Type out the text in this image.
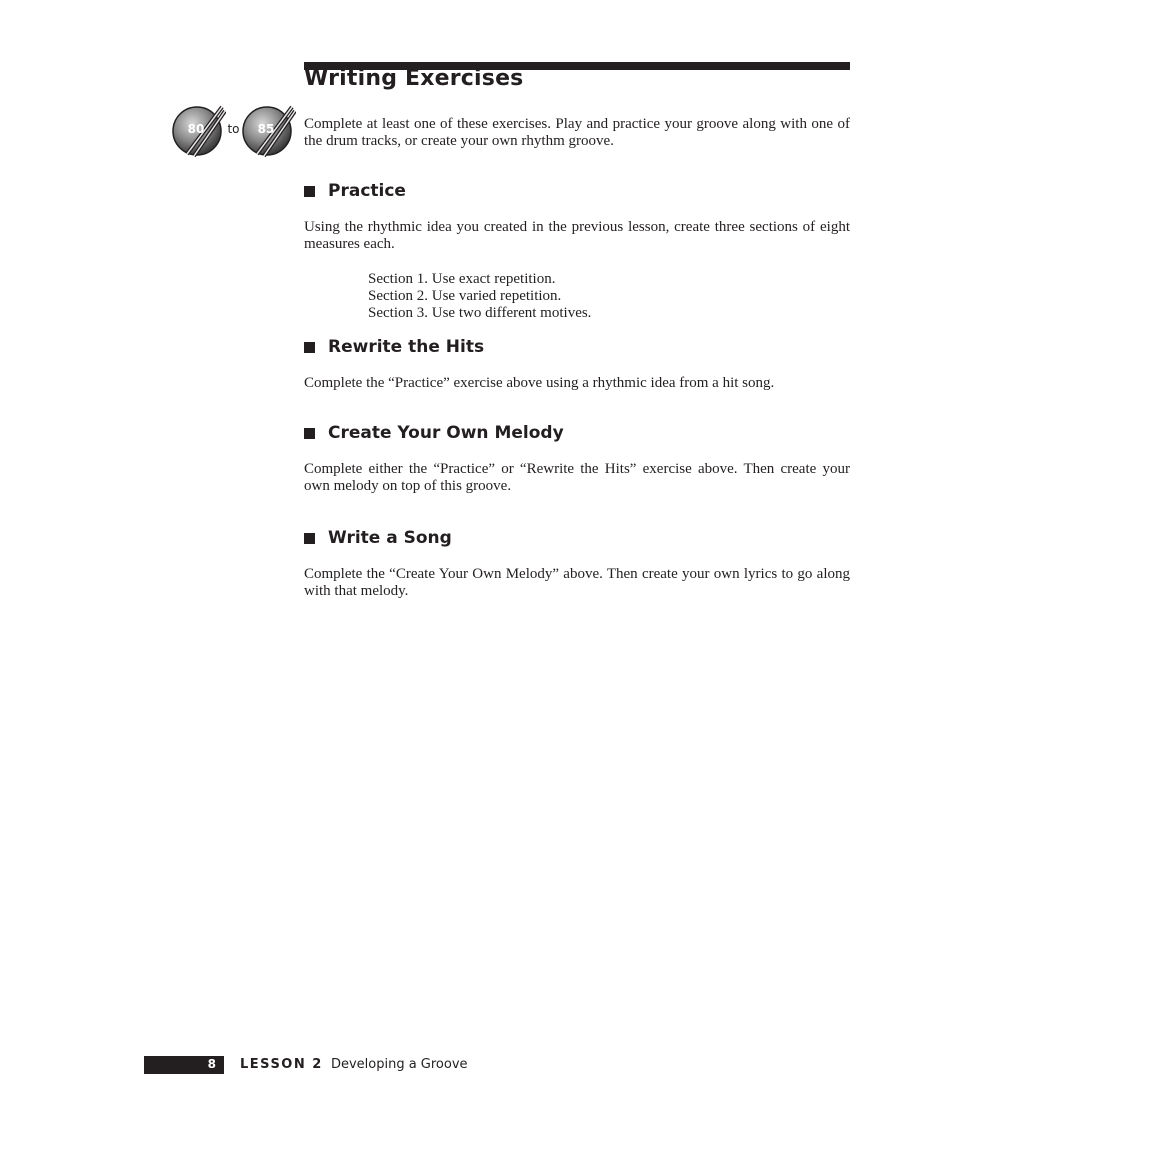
Writing Exercises
80	to	85	Complete at least one of these exercises. Play and practice your groove along with one of the drum tracks, or create your own rhythm groove.

Practice

Using the rhythmic idea you created in the previous lesson, create three sections of eight measures each.

Section 1. Use exact repetition.
Section 2. Use varied repetition.
Section 3. Use two different motives.
Rewrite the Hits

Complete the “Practice” exercise above using a rhythmic idea from a hit song.

Create Your Own Melody

Complete either the “Practice” or “Rewrite the Hits” exercise above. Then create your own melody on top of this groove.

Write a Song

Complete the “Create Your Own Melody” above. Then create your own lyrics to go along with that melody.

8 LESSON 2 Developing a Groove
